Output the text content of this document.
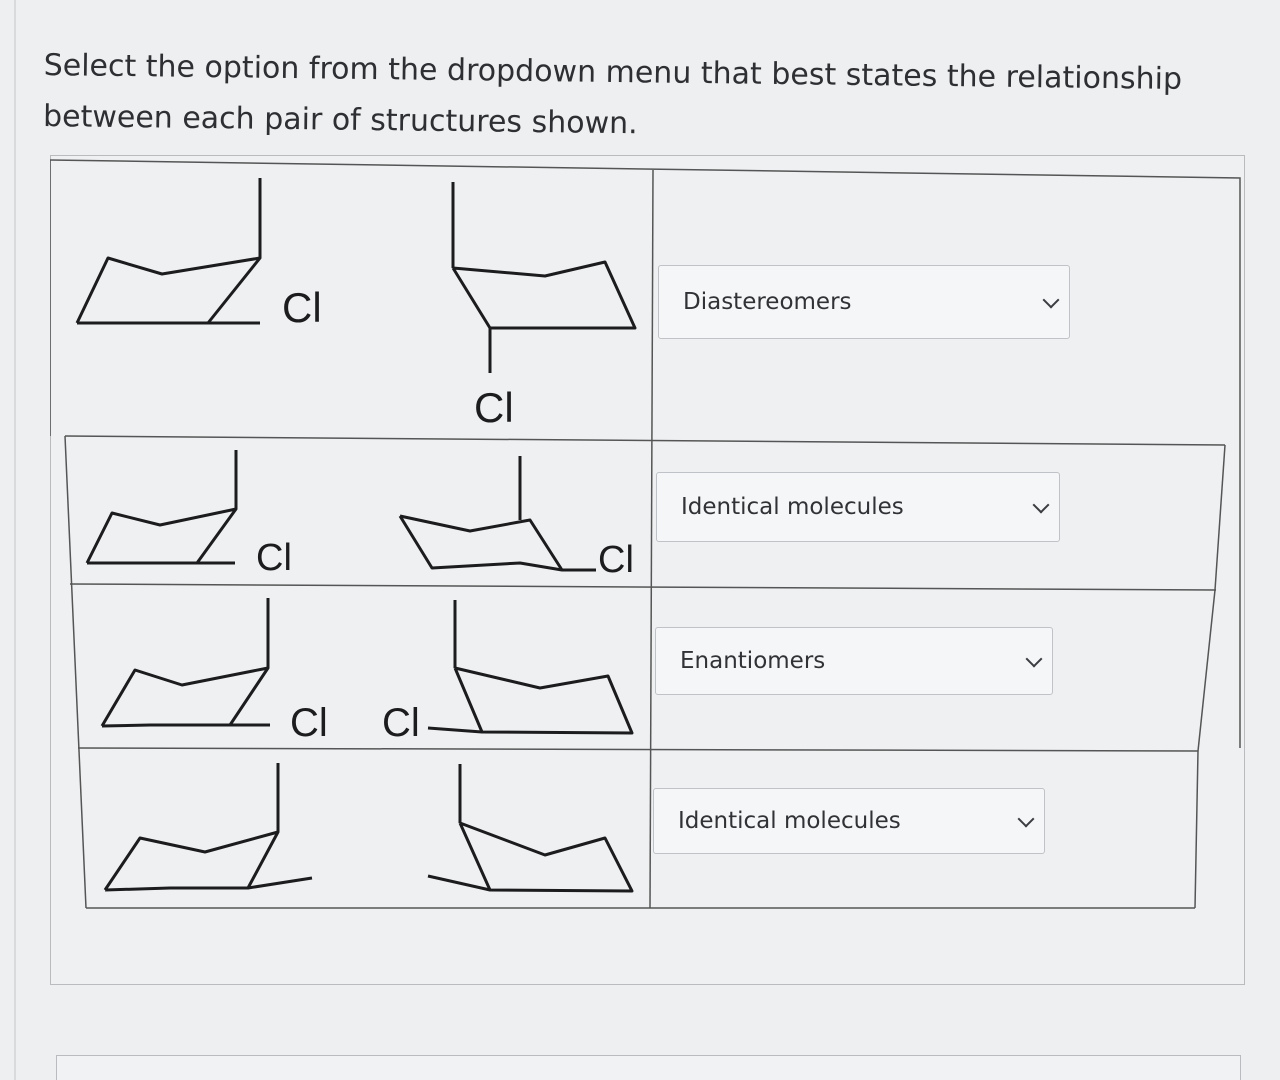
Select the option from the dropdown menu that best states the relationship between each pair of structures shown.
Cl
Cl
Cl	Cl
Cl Cl
Diastereomers
Identical molecules
Enantiomers
Identical molecules
